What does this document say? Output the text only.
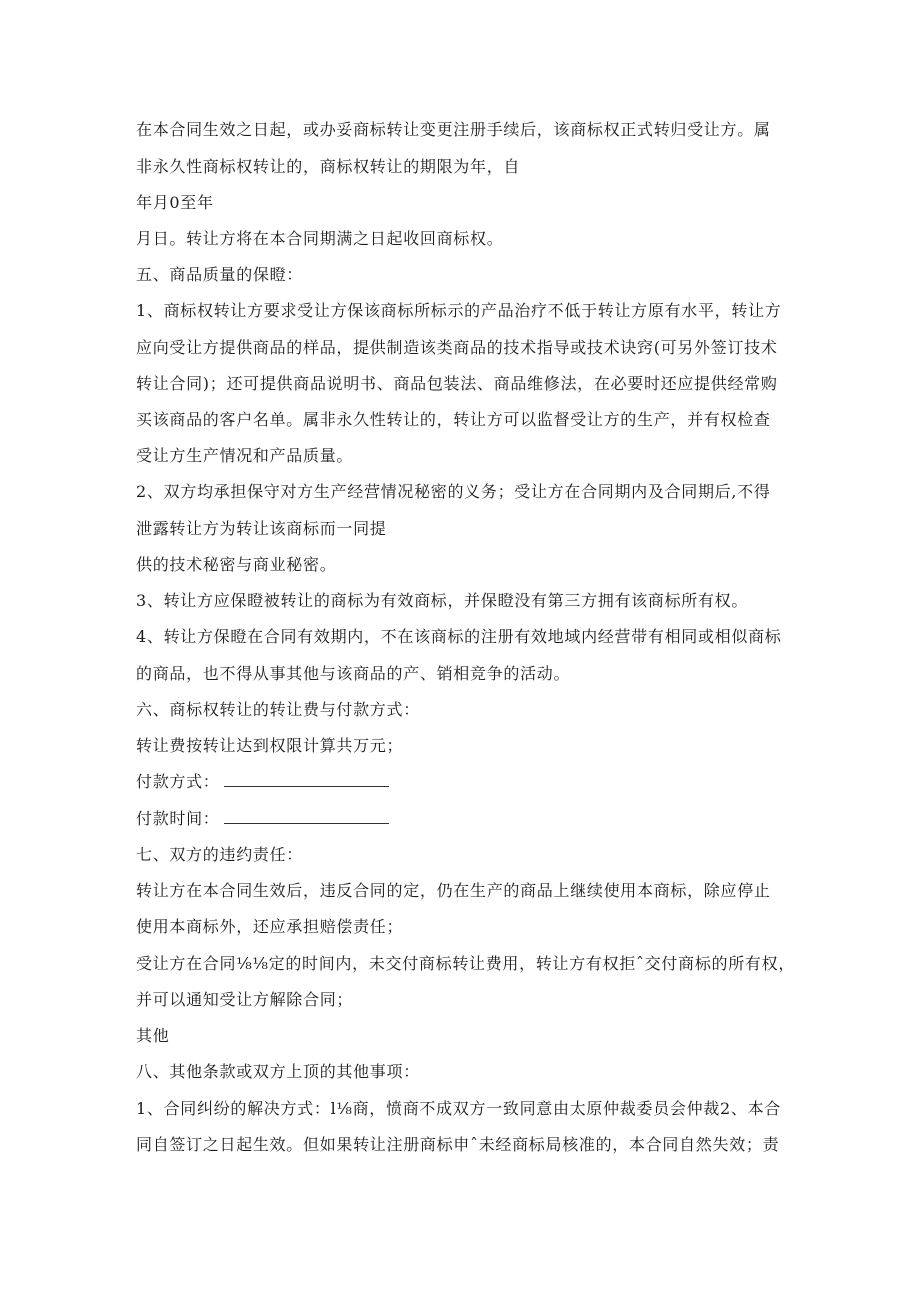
在本合同生效之日起，或办妥商标转让变更注册手续后，该商标权正式转归受让方。属
非永久性商标权转让的，商标权转让的期限为年，自
年月0至年
月日。转让方将在本合同期满之日起收回商标权。
五、商品质量的保瞪：
1、商标权转让方要求受让方保该商标所标示的产品治疗不低于转让方原有水平，转让方
应向受让方提供商品的样品，提供制造该类商品的技术指导或技术诀窍(可另外签订技术
转让合同)；还可提供商品说明书、商品包装法、商品维修法，在必要时还应提供经常购
买该商品的客户名单。属非永久性转让的，转让方可以监督受让方的生产，并有权检查
受让方生产情况和产品质量。
2、双方均承担保守对方生产经营情况秘密的义务；受让方在合同期内及合同期后,不得
泄露转让方为转让该商标而一同提
供的技术秘密与商业秘密。
3、转让方应保瞪被转让的商标为有效商标，并保瞪没有第三方拥有该商标所有权。
4、转让方保瞪在合同有效期内，不在该商标的注册有效地域内经营带有相同或相似商标
的商品，也不得从事其他与该商品的产、销相竞争的活动。
六、商标权转让的转让费与付款方式：
转让费按转让达到权限计算共万元；
付款方式：
付款时间：
七、双方的违约责任：
转让方在本合同生效后，违反合同的定，仍在生产的商品上继续使用本商标，除应停止
使用本商标外，还应承担赔偿责任；
受让方在合同⅛⅛定的时间内，未交付商标转让费用，转让方有权拒ˆ交付商标的所有权，
并可以通知受让方解除合同；
其他
八、其他条款或双方上顶的其他事项：
1、合同纠纷的解决方式：l⅛商，愤商不成双方一致同意由太原仲裁委员会仲裁2、本合
同自签订之日起生效。但如果转让注册商标申ˆ未经商标局核准的，本合同自然失效；责
